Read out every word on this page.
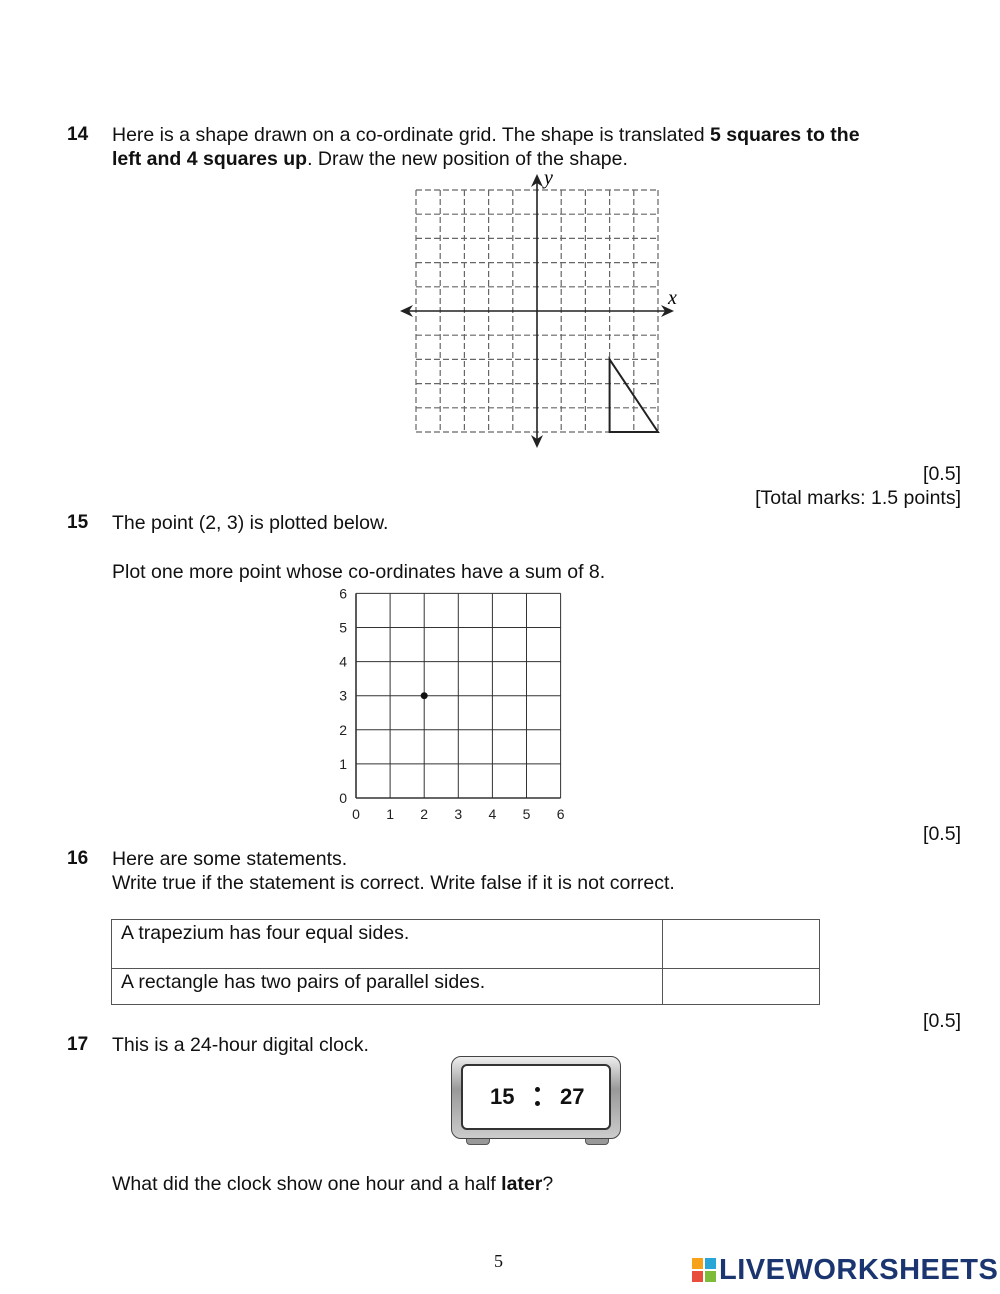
14 Here is a shape drawn on a co-ordinate grid. The shape is translated 5 squares to the
left and 4 squares up. Draw the new position of the shape.
x
y
[0.5]
[Total marks: 1.5 points]
15 The point (2, 3) is plotted below.
Plot one more point whose co-ordinates have a sum of 8.
0 1 2 3 4 5 6
0
1
2
3
4
5
6
[0.5]
16 Here are some statements.
Write true if the statement is correct. Write false if it is not correct.
A trapezium has four equal sides.	
A rectangle has two pairs of parallel sides.	
[0.5]
17 This is a 24-hour digital clock.
15 27
What did the clock show one hour and a half later?
5	LIVEWORKSHEETS
